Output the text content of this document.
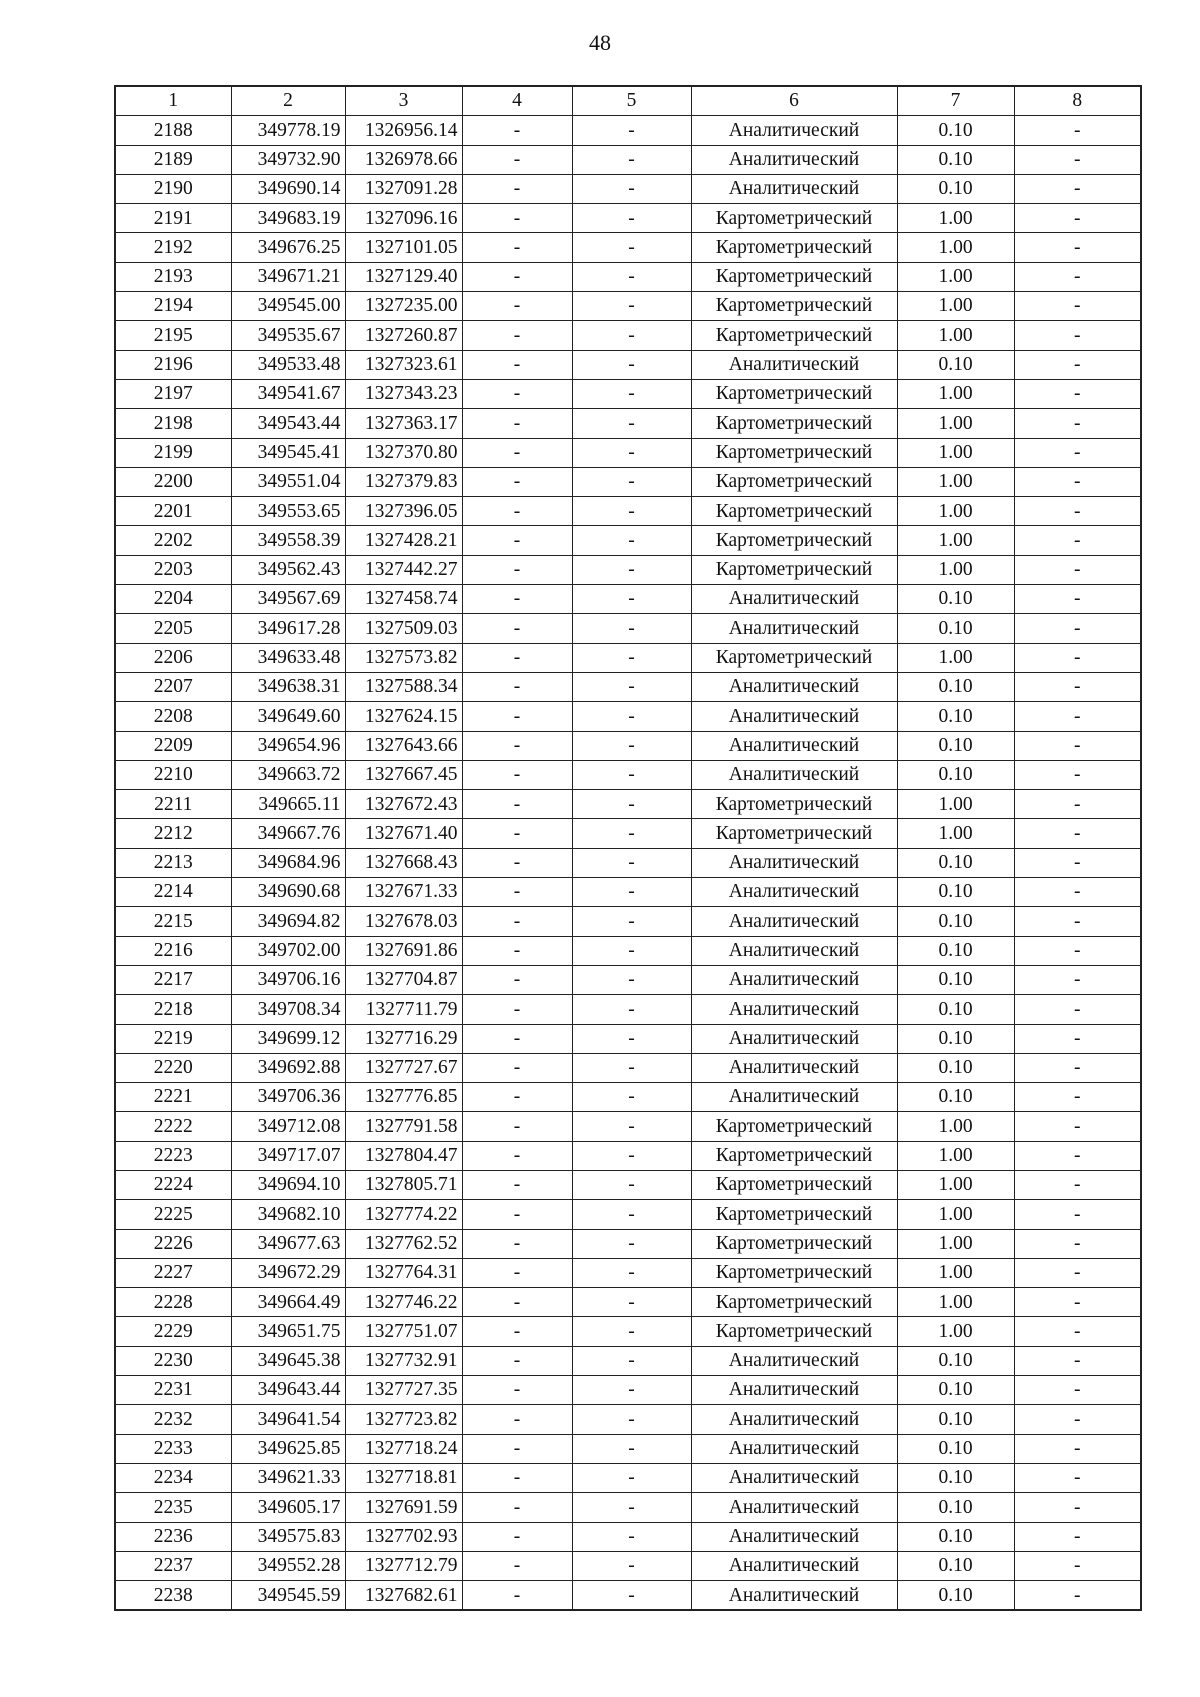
48
1	2	3	4	5	6	7	8
2188	349778.19	1326956.14	-	-	Аналитический	0.10	-
2189	349732.90	1326978.66	-	-	Аналитический	0.10	-
2190	349690.14	1327091.28	-	-	Аналитический	0.10	-
2191	349683.19	1327096.16	-	-	Картометрический	1.00	-
2192	349676.25	1327101.05	-	-	Картометрический	1.00	-
2193	349671.21	1327129.40	-	-	Картометрический	1.00	-
2194	349545.00	1327235.00	-	-	Картометрический	1.00	-
2195	349535.67	1327260.87	-	-	Картометрический	1.00	-
2196	349533.48	1327323.61	-	-	Аналитический	0.10	-
2197	349541.67	1327343.23	-	-	Картометрический	1.00	-
2198	349543.44	1327363.17	-	-	Картометрический	1.00	-
2199	349545.41	1327370.80	-	-	Картометрический	1.00	-
2200	349551.04	1327379.83	-	-	Картометрический	1.00	-
2201	349553.65	1327396.05	-	-	Картометрический	1.00	-
2202	349558.39	1327428.21	-	-	Картометрический	1.00	-
2203	349562.43	1327442.27	-	-	Картометрический	1.00	-
2204	349567.69	1327458.74	-	-	Аналитический	0.10	-
2205	349617.28	1327509.03	-	-	Аналитический	0.10	-
2206	349633.48	1327573.82	-	-	Картометрический	1.00	-
2207	349638.31	1327588.34	-	-	Аналитический	0.10	-
2208	349649.60	1327624.15	-	-	Аналитический	0.10	-
2209	349654.96	1327643.66	-	-	Аналитический	0.10	-
2210	349663.72	1327667.45	-	-	Аналитический	0.10	-
2211	349665.11	1327672.43	-	-	Картометрический	1.00	-
2212	349667.76	1327671.40	-	-	Картометрический	1.00	-
2213	349684.96	1327668.43	-	-	Аналитический	0.10	-
2214	349690.68	1327671.33	-	-	Аналитический	0.10	-
2215	349694.82	1327678.03	-	-	Аналитический	0.10	-
2216	349702.00	1327691.86	-	-	Аналитический	0.10	-
2217	349706.16	1327704.87	-	-	Аналитический	0.10	-
2218	349708.34	1327711.79	-	-	Аналитический	0.10	-
2219	349699.12	1327716.29	-	-	Аналитический	0.10	-
2220	349692.88	1327727.67	-	-	Аналитический	0.10	-
2221	349706.36	1327776.85	-	-	Аналитический	0.10	-
2222	349712.08	1327791.58	-	-	Картометрический	1.00	-
2223	349717.07	1327804.47	-	-	Картометрический	1.00	-
2224	349694.10	1327805.71	-	-	Картометрический	1.00	-
2225	349682.10	1327774.22	-	-	Картометрический	1.00	-
2226	349677.63	1327762.52	-	-	Картометрический	1.00	-
2227	349672.29	1327764.31	-	-	Картометрический	1.00	-
2228	349664.49	1327746.22	-	-	Картометрический	1.00	-
2229	349651.75	1327751.07	-	-	Картометрический	1.00	-
2230	349645.38	1327732.91	-	-	Аналитический	0.10	-
2231	349643.44	1327727.35	-	-	Аналитический	0.10	-
2232	349641.54	1327723.82	-	-	Аналитический	0.10	-
2233	349625.85	1327718.24	-	-	Аналитический	0.10	-
2234	349621.33	1327718.81	-	-	Аналитический	0.10	-
2235	349605.17	1327691.59	-	-	Аналитический	0.10	-
2236	349575.83	1327702.93	-	-	Аналитический	0.10	-
2237	349552.28	1327712.79	-	-	Аналитический	0.10	-
2238	349545.59	1327682.61	-	-	Аналитический	0.10	-
